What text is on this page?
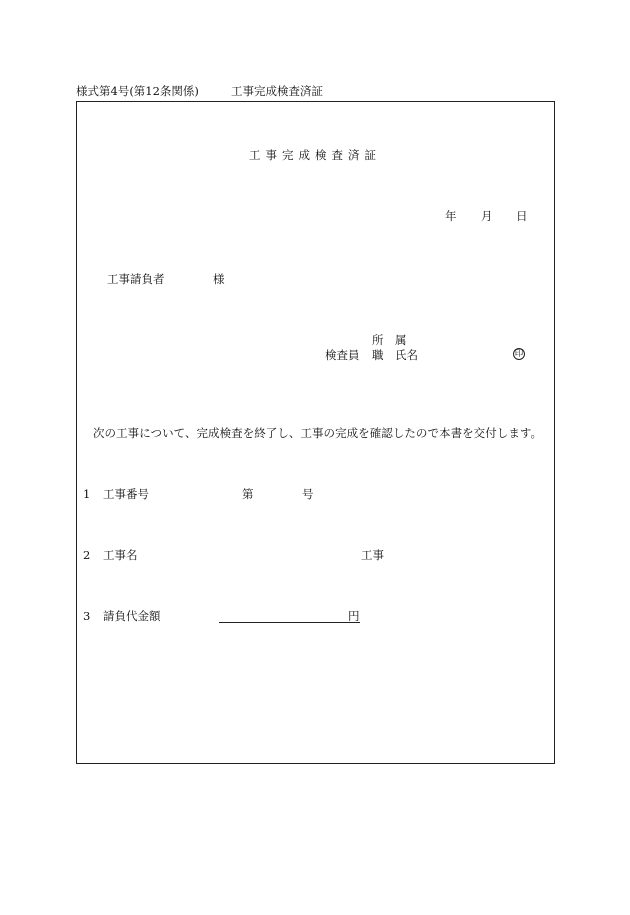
様式第4号(第12条関係)	工事完成検査済証
工事完成検査済証
年 月 日
工事請負者	様
所　属
検査員 職　氏名	印
次の工事について、完成検査を終了し、工事の完成を確認したので本書を交付します。
1 工事番号	第	号
2 工事名	工事
3 請負代金額	円
